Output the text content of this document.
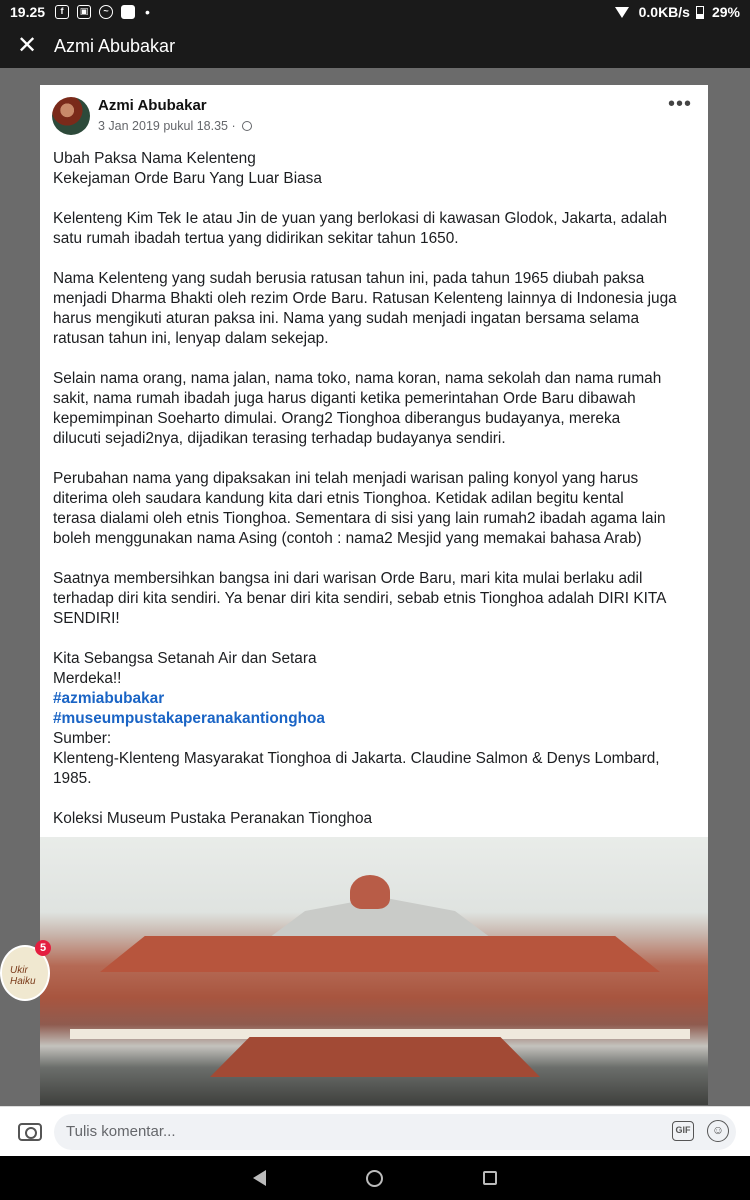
19.25	f	▣	~	•	0.0KB/s 29%
✕ Azmi Abubakar
Azmi Abubakar
3 Jan 2019 pukul 18.35 ·
•••
Ubah Paksa Nama Kelenteng
Kekejaman Orde Baru Yang Luar Biasa
Kelenteng Kim Tek Ie atau Jin de yuan yang berlokasi di kawasan Glodok, Jakarta, adalah
satu rumah ibadah tertua yang didirikan sekitar tahun 1650.
Nama Kelenteng yang sudah berusia ratusan tahun ini, pada tahun 1965 diubah paksa
menjadi Dharma Bhakti oleh rezim Orde Baru. Ratusan Kelenteng lainnya di Indonesia juga
harus mengikuti aturan paksa ini. Nama yang sudah menjadi ingatan bersama selama
ratusan tahun ini, lenyap dalam sekejap.
Selain nama orang, nama jalan, nama toko, nama koran, nama sekolah dan nama rumah
sakit, nama rumah ibadah juga harus diganti ketika pemerintahan Orde Baru dibawah
kepemimpinan Soeharto dimulai. Orang2 Tionghoa diberangus budayanya, mereka
dilucuti sejadi2nya, dijadikan terasing terhadap budayanya sendiri.
Perubahan nama yang dipaksakan ini telah menjadi warisan paling konyol yang harus
diterima oleh saudara kandung kita dari etnis Tionghoa. Ketidak adilan begitu kental
terasa dialami oleh etnis Tionghoa. Sementara di sisi yang lain rumah2 ibadah agama lain
boleh menggunakan nama Asing (contoh : nama2 Mesjid yang memakai bahasa Arab)
Saatnya membersihkan bangsa ini dari warisan Orde Baru, mari kita mulai berlaku adil
terhadap diri kita sendiri. Ya benar diri kita sendiri, sebab etnis Tionghoa adalah DIRI KITA
SENDIRI!
Kita Sebangsa Setanah Air dan Setara
Merdeka!!
#azmiabubakar
#museumpustakaperanakantionghoa
Sumber:
Klenteng-Klenteng Masyarakat Tionghoa di Jakarta. Claudine Salmon & Denys Lombard,
1985.
Koleksi Museum Pustaka Peranakan Tionghoa
Ukir Haiku
5
Tulis komentar...
GIF	☺
